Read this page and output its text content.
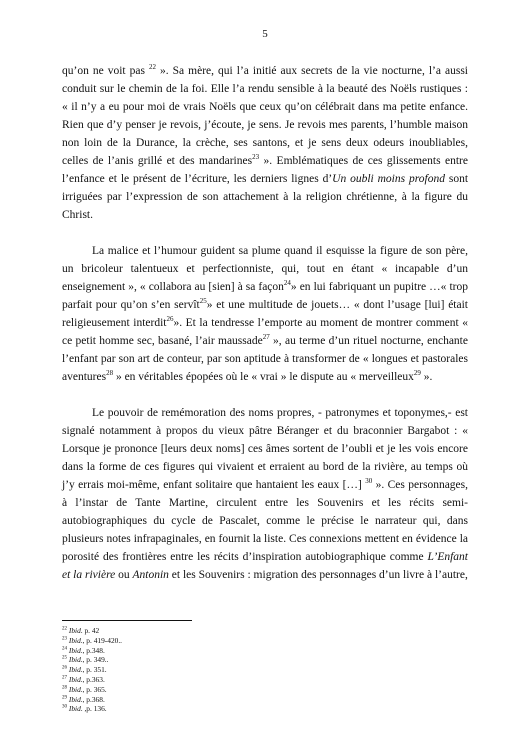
5

qu’on ne voit pas $^{22}$ ». Sa mère, qui l’a initié aux secrets de la vie nocturne, l’a aussi conduit sur le chemin de la foi. Elle l’a rendu sensible à la beauté des Noëls rustiques : « il n’y a eu pour moi de vrais Noëls que ceux qu’on célébrait dans ma petite enfance. Rien que d’y penser je revois, j’écoute, je sens. Je revois mes parents, l’humble maison non loin de la Durance, la crèche, ses santons, et je sens deux odeurs inoubliables, celles de l’anis grillé et des mandarines$^{23}$ ». Emblématiques de ces glissements entre l’enfance et le présent de l’écriture, les derniers lignes d’Un oubli moins profond sont irriguées par l’expression de son attachement à la religion chrétienne, à la figure du Christ.

La malice et l’humour guident sa plume quand il esquisse la figure de son père, un bricoleur talentueux et perfectionniste, qui, tout en étant « incapable d’un enseignement », « collabora au [sien] à sa façon$^{24}$» en lui fabriquant un pupitre …« trop parfait pour qu’on s’en servît$^{25}$» et une multitude de jouets… « dont l’usage [lui] était religieusement interdit$^{26}$». Et la tendresse l’emporte au moment de montrer comment « ce petit homme sec, basané, l’air maussade$^{27}$ », au terme d’un rituel nocturne, enchante l’enfant par son art de conteur, par son aptitude à transformer de « longues et pastorales aventures$^{28}$ » en véritables épopées où le « vrai » le dispute au « merveilleux$^{29}$ ».

Le pouvoir de remémoration des noms propres, - patronymes et toponymes,- est signalé notamment à propos du vieux pâtre Béranger et du braconnier Bargabot : « Lorsque je prononce [leurs deux noms] ces âmes sortent de l’oubli et je les vois encore dans la forme de ces figures qui vivaient et erraient au bord de la rivière, au temps où j’y errais moi-même, enfant solitaire que hantaient les eaux […] $^{30}$ ». Ces personnages, à l’instar de Tante Martine, circulent entre les Souvenirs et les récits semi-autobiographiques du cycle de Pascalet, comme le précise le narrateur qui, dans plusieurs notes infrapaginales, en fournit la liste. Ces connexions mettent en évidence la porosité des frontières entre les récits d’inspiration autobiographique comme L’Enfant et la rivière ou Antonin et les Souvenirs : migration des personnages d’un livre à l’autre,

$^{22}$ Ibid. p. 42
$^{23}$ Ibid., p. 419-420..
$^{24}$ Ibid., p.348.
$^{25}$ Ibid., p. 349..
$^{26}$ Ibid., p. 351.
$^{27}$ Ibid., p.363.
$^{28}$ Ibid., p. 365.
$^{29}$ Ibid., p.368.
$^{30}$ Ibid. ,p. 136.
